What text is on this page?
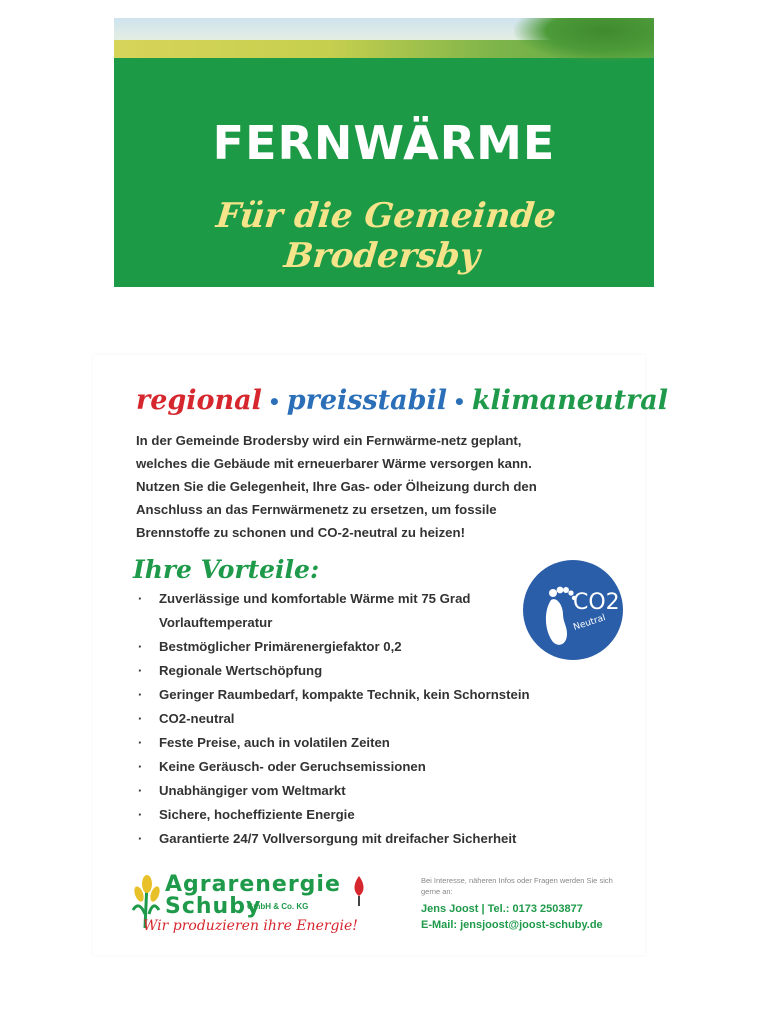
FERNWÄRME
Für die Gemeinde Brodersby
regional • preisstabil • klimaneutral

In der Gemeinde Brodersby wird ein Fernwärme-netz geplant,

welches die Gebäude mit erneuerbarer Wärme versorgen kann.

Nutzen Sie die Gelegenheit, Ihre Gas- oder Ölheizung durch den

Anschluss an das Fernwärmenetz zu ersetzen, um fossile

Brennstoffe zu schonen und CO-2-neutral zu heizen!

Ihre Vorteile:
CO2
Neutral
· Zuverlässige und komfortable Wärme mit 75 Grad Vorlauftemperatur
· Bestmöglicher Primärenergiefaktor 0,2
· Regionale Wertschöpfung
· Geringer Raumbedarf, kompakte Technik, kein Schornstein
· CO2-neutral
· Feste Preise, auch in volatilen Zeiten
· Keine Geräusch- oder Geruchsemissionen
· Unabhängiger vom Weltmarkt
· Sichere, hocheffiziente Energie
· Garantierte 24/7 Vollversorgung mit dreifacher Sicherheit
Agrarenergie
Schuby
GmbH & Co. KG
Wir produzieren ihre Energie!
Bei Interesse, näheren Infos oder Fragen werden Sie sich gerne an:
Jens Joost | Tel.: 0173 2503877
E-Mail: jensjoost@joost-schuby.de
